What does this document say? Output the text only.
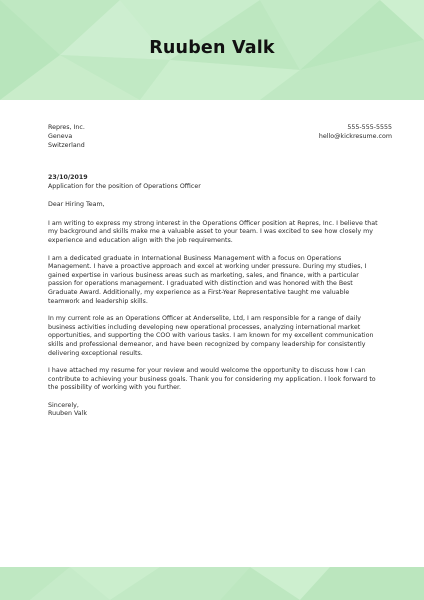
Ruuben Valk
Repres, Inc.
Geneva
Switzerland
555-555-5555
hello@kickresume.com
23/10/2019
Application for the position of Operations Officer
Dear Hiring Team,

I am writing to express my strong interest in the Operations Officer position at Repres, Inc. I believe that my background and skills make me a valuable asset to your team. I was excited to see how closely my experience and education align with the job requirements.

I am a dedicated graduate in International Business Management with a focus on Operations Management. I have a proactive approach and excel at working under pressure. During my studies, I gained expertise in various business areas such as marketing, sales, and finance, with a particular passion for operations management. I graduated with distinction and was honored with the Best Graduate Award. Additionally, my experience as a First-Year Representative taught me valuable teamwork and leadership skills.

In my current role as an Operations Officer at Anderselite, Ltd, I am responsible for a range of daily business activities including developing new operational processes, analyzing international market opportunities, and supporting the COO with various tasks. I am known for my excellent communication skills and professional demeanor, and have been recognized by company leadership for consistently delivering exceptional results.

I have attached my resume for your review and would welcome the opportunity to discuss how I can contribute to achieving your business goals. Thank you for considering my application. I look forward to the possibility of working with you further.

Sincerely,
Ruuben Valk
